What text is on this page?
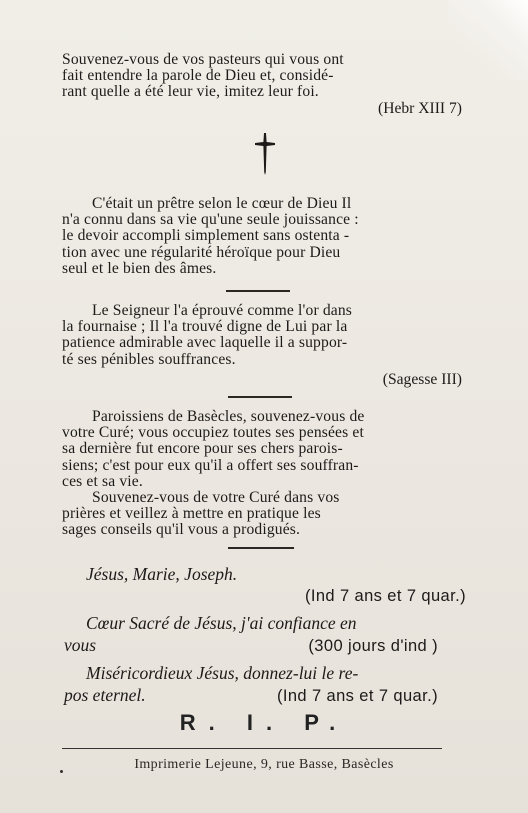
Souvenez-vous de vos pasteurs qui vous ont

fait entendre la parole de Dieu et, considé-

rant quelle a été leur vie, imitez leur foi.

(Hebr XIII 7)

C'était un prêtre selon le cœur de Dieu Il

n'a connu dans sa vie qu'une seule jouissance :

le devoir accompli simplement sans ostenta -

tion avec une régularité héroïque pour Dieu

seul et le bien des âmes.

Le Seigneur l'a éprouvé comme l'or dans

la fournaise ; Il l'a trouvé digne de Lui par la

patience admirable avec laquelle il a suppor-

té ses pénibles souffrances.

(Sagesse III)

Paroissiens de Basècles, souvenez-vous de

votre Curé; vous occupiez toutes ses pensées et

sa dernière fut encore pour ses chers parois-

siens; c'est pour eux qu'il a offert ses souffran-

ces et sa vie.

Souvenez-vous de votre Curé dans vos

prières et veillez à mettre en pratique les

sages conseils qu'il vous a prodigués.

Jésus, Marie, Joseph.
(Ind 7 ans et 7 quar.)
Cœur Sacré de Jésus, j'ai confiance en
vous	(300 jours d'ind )
Miséricordieux Jésus, donnez-lui le re-
pos eternel.	(Ind 7 ans et 7 quar.)
R. I. P.
Imprimerie Lejeune, 9, rue Basse, Basècles
